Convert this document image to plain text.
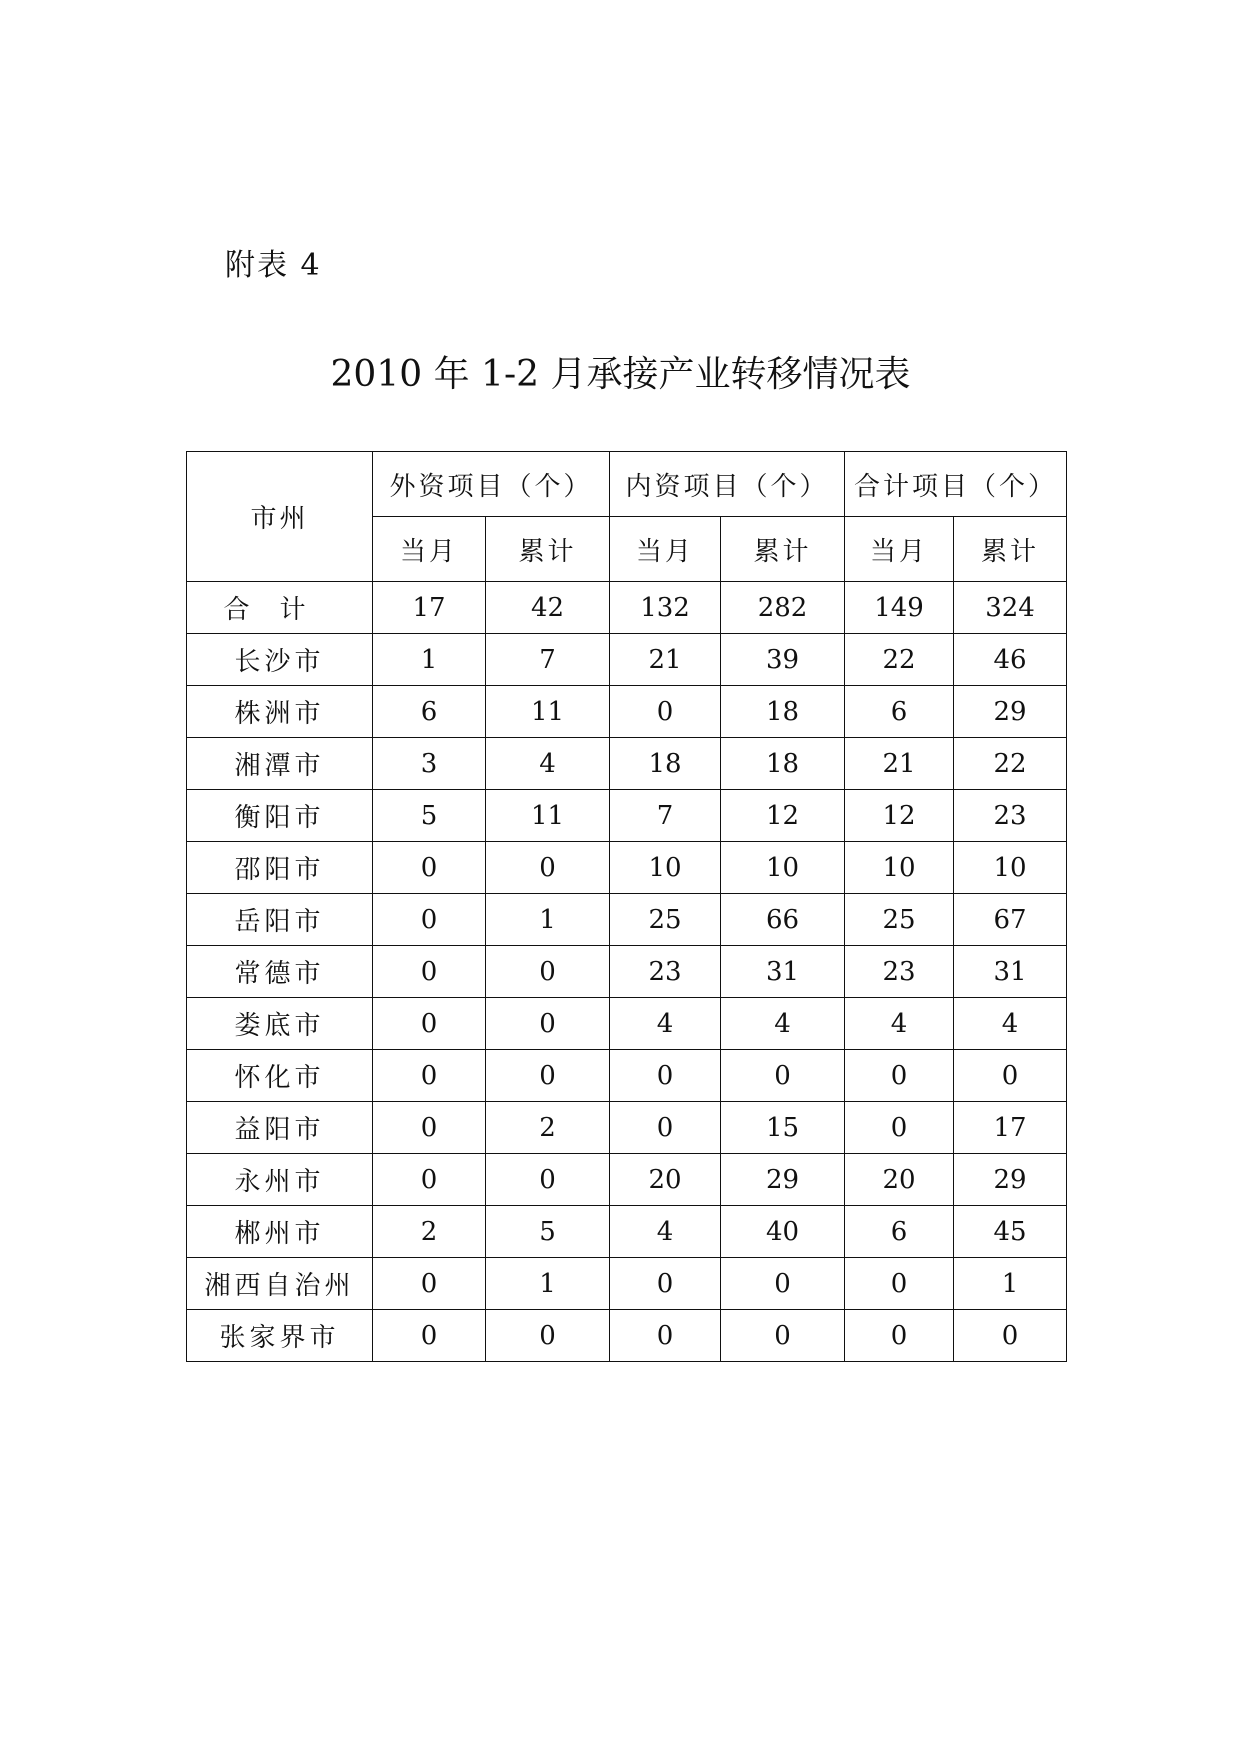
附表 4
2010 年 1-2 月承接产业转移情况表
市州	外资项目（个）		内资项目（个）		合计项目（个）	
	当月	累计	当月	累计	当月	累计
合计	17	42	132	282	149	324
长沙市	1	7	21	39	22	46
株洲市	6	11	0	18	6	29
湘潭市	3	4	18	18	21	22
衡阳市	5	11	7	12	12	23
邵阳市	0	0	10	10	10	10
岳阳市	0	1	25	66	25	67
常德市	0	0	23	31	23	31
娄底市	0	0	4	4	4	4
怀化市	0	0	0	0	0	0
益阳市	0	2	0	15	0	17
永州市	0	0	20	29	20	29
郴州市	2	5	4	40	6	45
湘西自治州	0	1	0	0	0	1
张家界市	0	0	0	0	0	0
